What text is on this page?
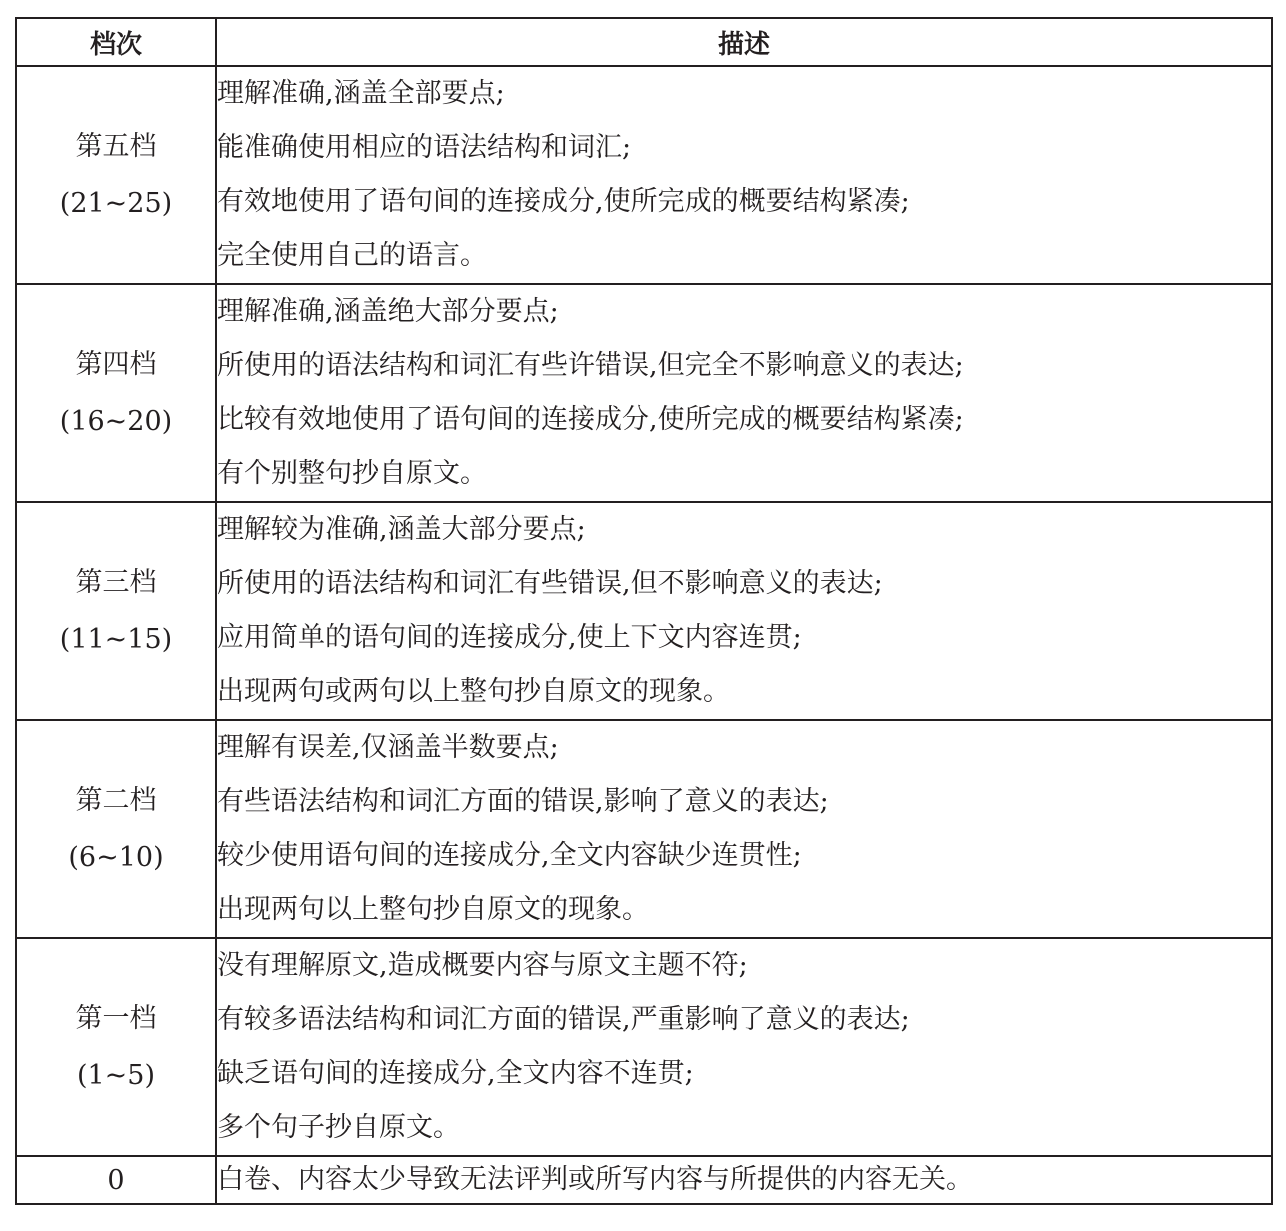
档次	描述

第五档
(21~25)	理解准确,涵盖全部要点;
能准确使用相应的语法结构和词汇;
有效地使用了语句间的连接成分,使所完成的概要结构紧凑;
完全使用自己的语言。

第四档
(16~20)	理解准确,涵盖绝大部分要点;
所使用的语法结构和词汇有些许错误,但完全不影响意义的表达;
比较有效地使用了语句间的连接成分,使所完成的概要结构紧凑;
有个别整句抄自原文。

第三档
(11~15)	理解较为准确,涵盖大部分要点;
所使用的语法结构和词汇有些错误,但不影响意义的表达;
应用简单的语句间的连接成分,使上下文内容连贯;
出现两句或两句以上整句抄自原文的现象。

第二档
(6~10)	理解有误差,仅涵盖半数要点;
有些语法结构和词汇方面的错误,影响了意义的表达;
较少使用语句间的连接成分,全文内容缺少连贯性;
出现两句以上整句抄自原文的现象。

第一档
(1~5)	没有理解原文,造成概要内容与原文主题不符;
有较多语法结构和词汇方面的错误,严重影响了意义的表达;
缺乏语句间的连接成分,全文内容不连贯;
多个句子抄自原文。

0	白卷、内容太少导致无法评判或所写内容与所提供的内容无关。
